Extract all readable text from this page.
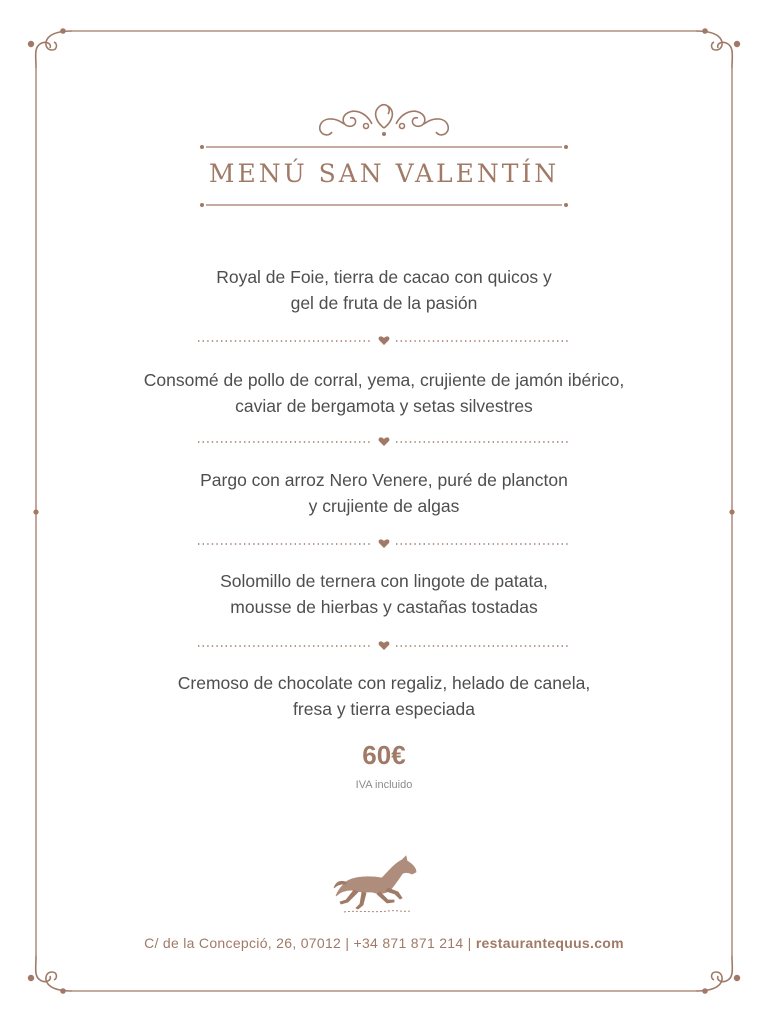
MENÚ SAN VALENTÍN

Royal de Foie, tierra de cacao con quicos y
gel de fruta de la pasión

Consomé de pollo de corral, yema, crujiente de jamón ibérico,
caviar de bergamota y setas silvestres

Pargo con arroz Nero Venere, puré de plancton
y crujiente de algas

Solomillo de ternera con lingote de patata,
mousse de hierbas y castañas tostadas

Cremoso de chocolate con regaliz, helado de canela,
fresa y tierra especiada

60€

IVA incluido

C/ de la Concepció, 26, 07012 | +34 871 871 214 | restaurantequus.com
